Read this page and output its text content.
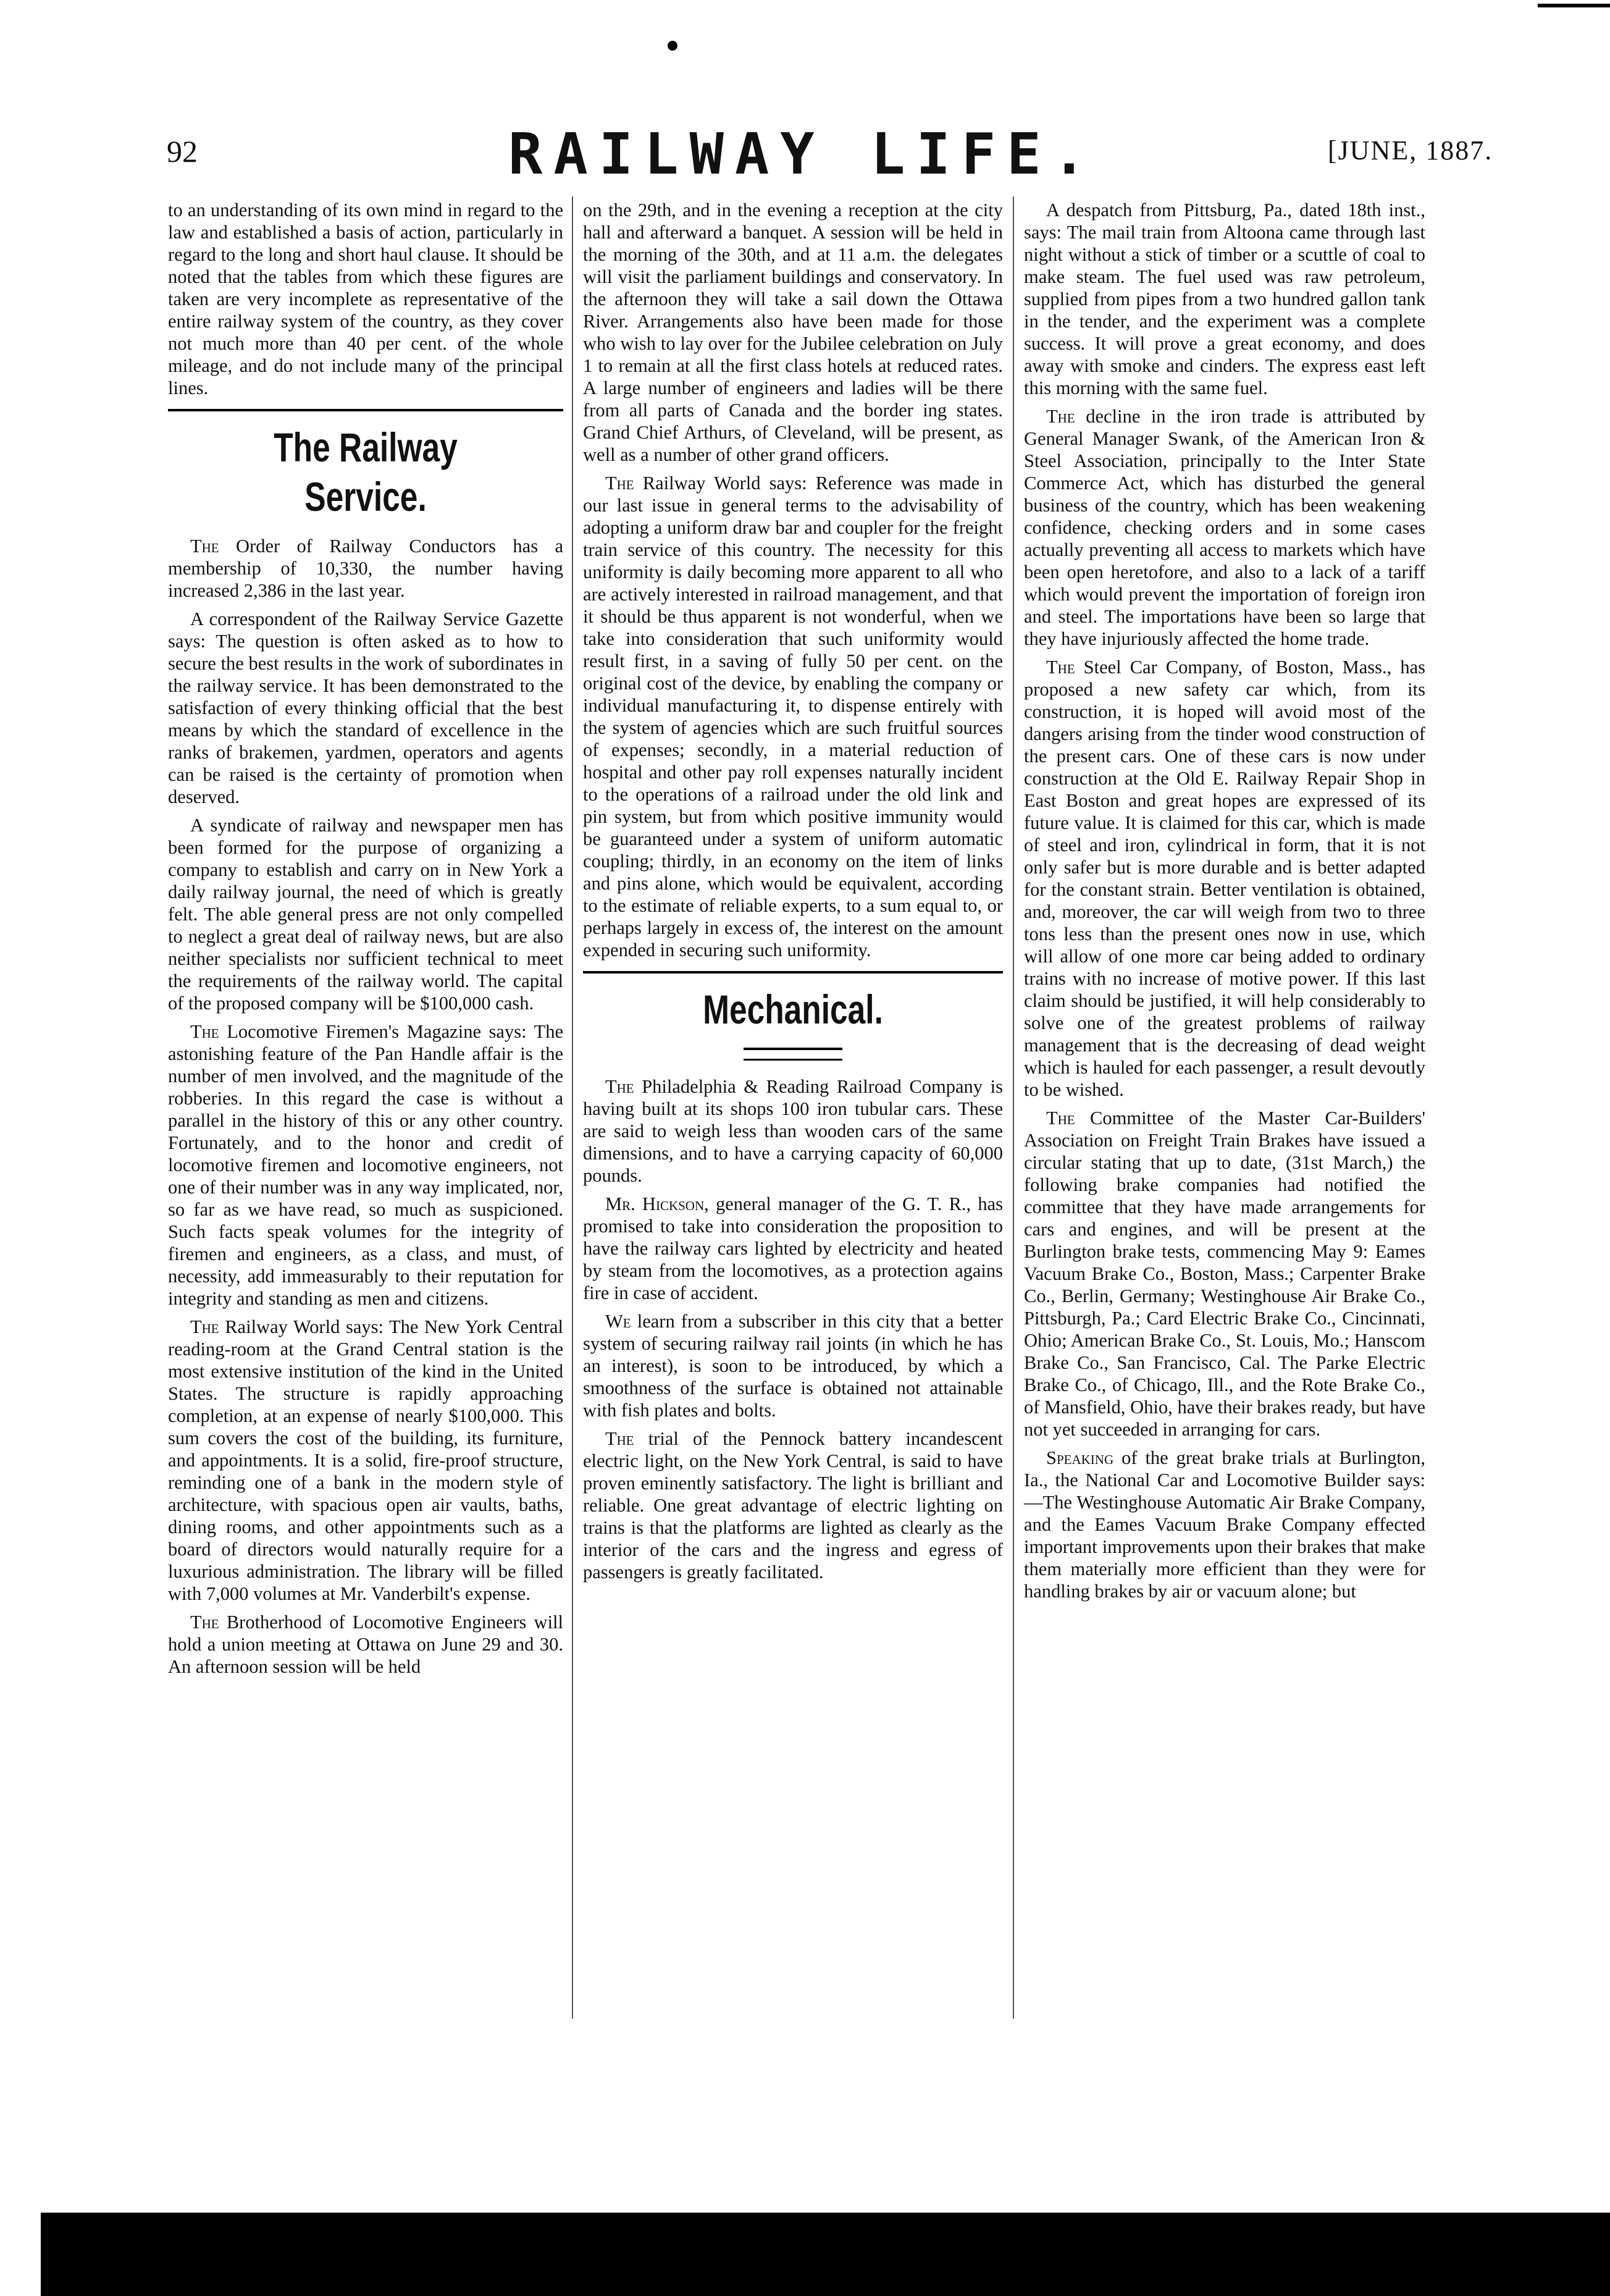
92	RAILWAY LIFE.	[JUNE, 1887.

to an understanding of its own mind in regard to the law and established a basis of action, particularly in regard to the long and short haul clause. It should be noted that the tables from which these figures are taken are very incomplete as representative of the entire railway system of the country, as they cover not much more than 40 per cent. of the whole mileage, and do not include many of the principal lines.

The Railway Service.

The Order of Railway Conductors has a membership of 10,330, the number having increased 2,386 in the last year.

A correspondent of the Railway Service Gazette says: The question is often asked as to how to secure the best results in the work of subordinates in the railway service. It has been demonstrated to the satisfaction of every thinking official that the best means by which the standard of excellence in the ranks of brakemen, yardmen, operators and agents can be raised is the certainty of promotion when deserved.

A syndicate of railway and newspaper men has been formed for the purpose of organizing a company to establish and carry on in New York a daily railway journal, the need of which is greatly felt. The able general press are not only compelled to neglect a great deal of railway news, but are also neither specialists nor sufficient technical to meet the requirements of the railway world. The capital of the proposed company will be $100,000 cash.

The Locomotive Firemen's Magazine says: The astonishing feature of the Pan Handle affair is the number of men involved, and the magnitude of the robberies. In this regard the case is without a parallel in the history of this or any other country. Fortunately, and to the honor and credit of locomotive firemen and locomotive engineers, not one of their number was in any way implicated, nor, so far as we have read, so much as suspicioned. Such facts speak volumes for the integrity of firemen and engineers, as a class, and must, of necessity, add immeasurably to their reputation for integrity and standing as men and citizens.

The Railway World says: The New York Central reading-room at the Grand Central station is the most extensive institution of the kind in the United States. The structure is rapidly approaching completion, at an expense of nearly $100,000. This sum covers the cost of the building, its furniture, and appointments. It is a solid, fire-proof structure, reminding one of a bank in the modern style of architecture, with spacious open air vaults, baths, dining rooms, and other appointments such as a board of directors would naturally require for a luxurious administration. The library will be filled with 7,000 volumes at Mr. Vanderbilt's expense.

The Brotherhood of Locomotive Engineers will hold a union meeting at Ottawa on June 29 and 30. An afternoon session will be held

on the 29th, and in the evening a reception at the city hall and afterward a banquet. A session will be held in the morning of the 30th, and at 11 a.m. the delegates will visit the parliament buildings and conservatory. In the afternoon they will take a sail down the Ottawa River. Arrangements also have been made for those who wish to lay over for the Jubilee celebration on July 1 to remain at all the first class hotels at reduced rates. A large number of engineers and ladies will be there from all parts of Canada and the border ing states. Grand Chief Arthurs, of Cleveland, will be present, as well as a number of other grand officers.

The Railway World says: Reference was made in our last issue in general terms to the advisability of adopting a uniform draw bar and coupler for the freight train service of this country. The necessity for this uniformity is daily becoming more apparent to all who are actively interested in railroad management, and that it should be thus apparent is not wonderful, when we take into consideration that such uniformity would result first, in a saving of fully 50 per cent. on the original cost of the device, by enabling the company or individual manufacturing it, to dispense entirely with the system of agencies which are such fruitful sources of expenses; secondly, in a material reduction of hospital and other pay roll expenses naturally incident to the operations of a railroad under the old link and pin system, but from which positive immunity would be guaranteed under a system of uniform automatic coupling; thirdly, in an economy on the item of links and pins alone, which would be equivalent, according to the estimate of reliable experts, to a sum equal to, or perhaps largely in excess of, the interest on the amount expended in securing such uniformity.

Mechanical.

The Philadelphia & Reading Railroad Company is having built at its shops 100 iron tubular cars. These are said to weigh less than wooden cars of the same dimensions, and to have a carrying capacity of 60,000 pounds.

Mr. Hickson, general manager of the G. T. R., has promised to take into consideration the proposition to have the railway cars lighted by electricity and heated by steam from the locomotives, as a protection agains fire in case of accident.

We learn from a subscriber in this city that a better system of securing railway rail joints (in which he has an interest), is soon to be introduced, by which a smoothness of the surface is obtained not attainable with fish plates and bolts.

The trial of the Pennock battery incandescent electric light, on the New York Central, is said to have proven eminently satisfactory. The light is brilliant and reliable. One great advantage of electric lighting on trains is that the platforms are lighted as clearly as the interior of the cars and the ingress and egress of passengers is greatly facilitated.

A despatch from Pittsburg, Pa., dated 18th inst., says: The mail train from Altoona came through last night without a stick of timber or a scuttle of coal to make steam. The fuel used was raw petroleum, supplied from pipes from a two hundred gallon tank in the tender, and the experiment was a complete success. It will prove a great economy, and does away with smoke and cinders. The express east left this morning with the same fuel.

The decline in the iron trade is attributed by General Manager Swank, of the American Iron & Steel Association, principally to the Inter State Commerce Act, which has disturbed the general business of the country, which has been weakening confidence, checking orders and in some cases actually preventing all access to markets which have been open heretofore, and also to a lack of a tariff which would prevent the importation of foreign iron and steel. The importations have been so large that they have injuriously affected the home trade.

The Steel Car Company, of Boston, Mass., has proposed a new safety car which, from its construction, it is hoped will avoid most of the dangers arising from the tinder wood construction of the present cars. One of these cars is now under construction at the Old E. Railway Repair Shop in East Boston and great hopes are expressed of its future value. It is claimed for this car, which is made of steel and iron, cylindrical in form, that it is not only safer but is more durable and is better adapted for the constant strain. Better ventilation is obtained, and, moreover, the car will weigh from two to three tons less than the present ones now in use, which will allow of one more car being added to ordinary trains with no increase of motive power. If this last claim should be justified, it will help considerably to solve one of the greatest problems of railway management that is the decreasing of dead weight which is hauled for each passenger, a result devoutly to be wished.

The Committee of the Master Car-Builders' Association on Freight Train Brakes have issued a circular stating that up to date, (31st March,) the following brake companies had notified the committee that they have made arrangements for cars and engines, and will be present at the Burlington brake tests, commencing May 9: Eames Vacuum Brake Co., Boston, Mass.; Carpenter Brake Co., Berlin, Germany; Westinghouse Air Brake Co., Pittsburgh, Pa.; Card Electric Brake Co., Cincinnati, Ohio; American Brake Co., St. Louis, Mo.; Hanscom Brake Co., San Francisco, Cal. The Parke Electric Brake Co., of Chicago, Ill., and the Rote Brake Co., of Mansfield, Ohio, have their brakes ready, but have not yet succeeded in arranging for cars.

Speaking of the great brake trials at Burlington, Ia., the National Car and Locomotive Builder says:—The Westinghouse Automatic Air Brake Company, and the Eames Vacuum Brake Company effected important improvements upon their brakes that make them materially more efficient than they were for handling brakes by air or vacuum alone; but
